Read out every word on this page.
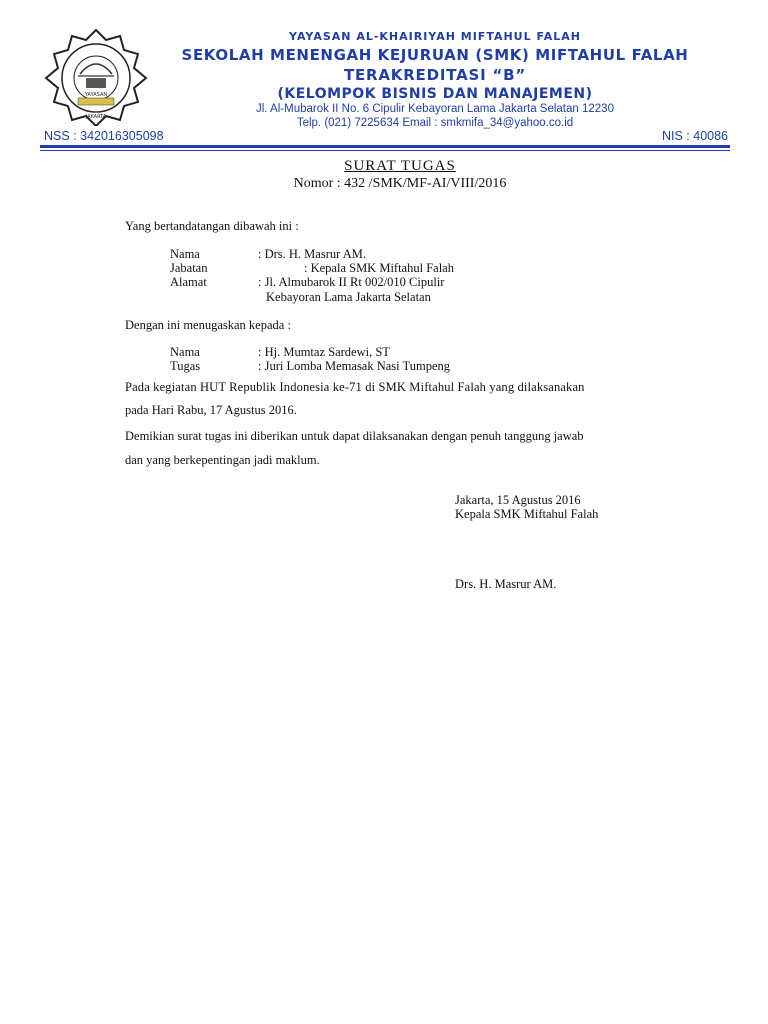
YAYASAN
JAKARTA
YAYASAN AL-KHAIRIYAH MIFTAHUL FALAH
SEKOLAH MENENGAH KEJURUAN (SMK) MIFTAHUL FALAH
TERAKREDITASI “B”
(KELOMPOK BISNIS DAN MANAJEMEN)
Jl. Al-Mubarok II No. 6 Cipulir Kebayoran Lama Jakarta Selatan 12230
Telp. (021) 7225634 Email : smkmifa_34@yahoo.co.id
NSS : 342016305098	NIS : 40086
SURAT TUGAS
Nomor : 432 /SMK/MF-AI/VIII/2016
Yang bertandatangan dibawah ini :
Nama	: Drs. H. Masrur AM.
Jabatan	: Kepala SMK Miftahul Falah
Alamat	: Jl. Almubarok II Rt 002/010 Cipulir
Kebayoran Lama Jakarta Selatan
Dengan ini menugaskan kepada :
Nama	: Hj. Mumtaz Sardewi, ST
Tugas	: Juri Lomba Memasak Nasi Tumpeng
Pada kegiatan HUT Republik Indonesia ke-71 di SMK Miftahul Falah yang dilaksanakan
pada Hari Rabu, 17 Agustus 2016.
Demikian surat tugas ini diberikan untuk dapat dilaksanakan dengan penuh tanggung jawab
dan yang berkepentingan jadi maklum.
Jakarta, 15 Agustus 2016
Kepala SMK Miftahul Falah
Drs. H. Masrur AM.
